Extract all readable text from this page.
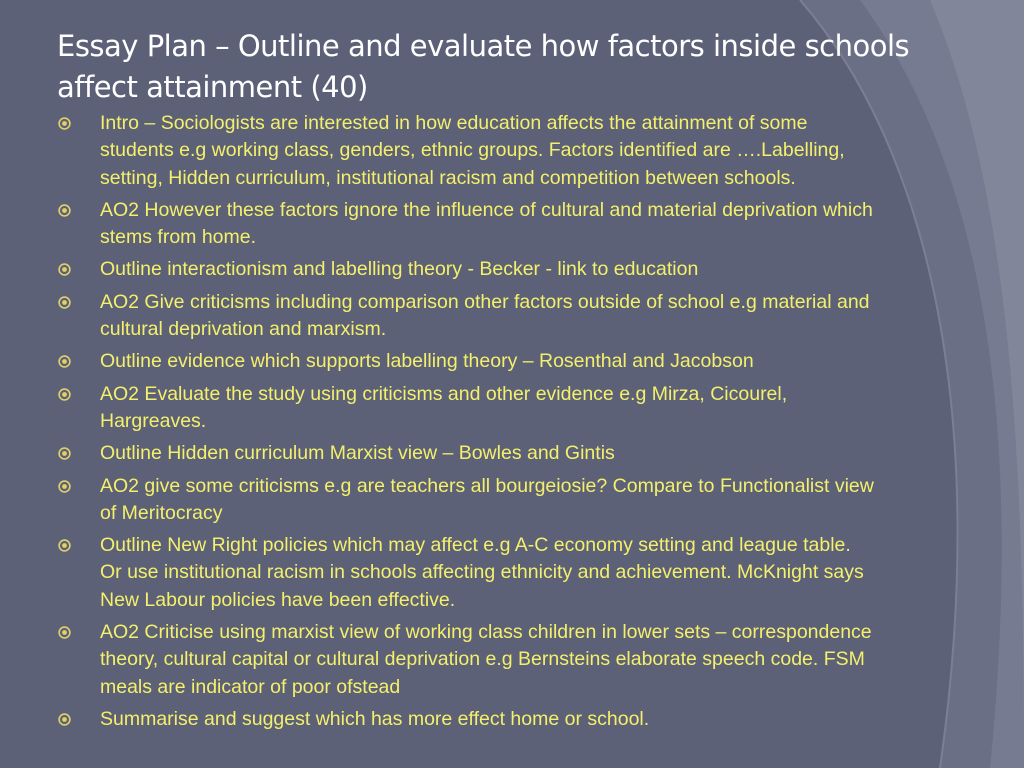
Essay Plan – Outline and evaluate how factors inside schools affect attainment (40)
Intro – Sociologists are interested in how education affects the attainment of some students e.g working class, genders, ethnic groups. Factors identified are ….Labelling, setting, Hidden curriculum, institutional racism and competition between schools.
AO2 However these factors ignore the influence of cultural and material deprivation which stems from home.
Outline interactionism and labelling theory - Becker - link to education
AO2 Give criticisms including comparison other factors outside of school e.g material and cultural deprivation and marxism.
Outline evidence which supports labelling theory – Rosenthal and Jacobson
AO2 Evaluate the study using criticisms and other evidence e.g Mirza, Cicourel, Hargreaves.
Outline Hidden curriculum Marxist view – Bowles and Gintis
AO2 give some criticisms e.g are teachers all bourgeiosie? Compare to Functionalist view of Meritocracy
Outline New Right policies which may affect e.g A-C economy setting and league table. Or use institutional racism in schools affecting ethnicity and achievement. McKnight says New Labour policies have been effective.
AO2 Criticise using marxist view of working class children in lower sets – correspondence theory, cultural capital or cultural deprivation e.g Bernsteins elaborate speech code. FSM meals are indicator of poor ofstead
Summarise and suggest which has more effect home or school.
